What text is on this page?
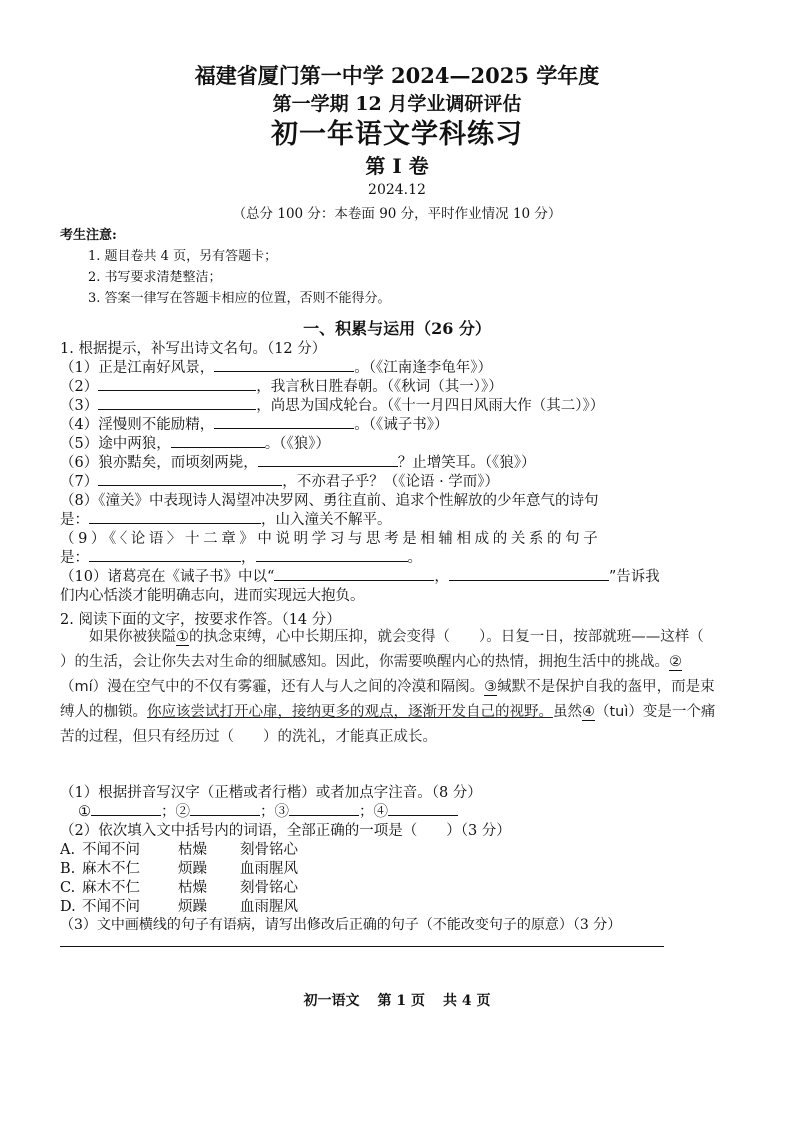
福建省厦门第一中学 2024—2025 学年度
第一学期 12 月学业调研评估
初一年语文学科练习
第 Ⅰ 卷
2024.12
（总分 100 分：本卷面 90 分，平时作业情况 10 分）
考生注意:
1. 题目卷共 4 页，另有答题卡；
2. 书写要求清楚整洁；
3. 答案一律写在答题卡相应的位置，否则不能得分。
一、积累与运用（26 分）
1. 根据提示，补写出诗文名句。（12 分）
（1）正是江南好风景，	。（《江南逢李龟年》）
（2）	，我言秋日胜春朝。（《秋词（其一）》）
（3）	，尚思为国戍轮台。（《十一月四日风雨大作（其二）》）
（4）淫慢则不能励精，	。（《诫子书》）
（5）途中两狼，	。（《狼》）
（6）狼亦黠矣，而顷刻两毙，	？止增笑耳。（《狼》）
（7）	，不亦君子乎？（《论语 · 学而》）
（8）《潼关》中表现诗人渴望冲决罗网、勇往直前、追求个性解放的少年意气的诗句
是：	，山入潼关不解平。
（9）《〈论语〉十二章》中说明学习与思考是相辅相成的关系的句子
是：	，	。
（10）诸葛亮在《诫子书》中以“	，	”告诉我
们内心恬淡才能明确志向，进而实现远大抱负。
2. 阅读下面的文字，按要求作答。（14 分）
如果你被狭隘①的执念束缚，心中长期压抑，就会变得（　　 ）。日复一日，按部就班——这样（　　）的生活，会让你失去对生命的细腻感知。因此，你需要唤醒内心的热情，拥抱生活中的挑战。②（mí）漫在空气中的不仅有雾霾，还有人与人之间的冷漠和隔阂。③缄默不是保护自我的盔甲，而是束缚人的枷锁。你应该尝试打开心扉，接纳更多的观点，逐渐开发自己的视野。虽然④（tuì）变是一个痛苦的过程，但只有经历过（　　 ）的洗礼，才能真正成长。
（1）根据拼音写汉字（正楷或者行楷）或者加点字注音。（8 分）
①	；②	；③	；④
（2）依次填入文中括号内的词语，全部正确的一项是（　　）（3 分）
A. 不闻不问	枯燥 刻骨铭心
B. 麻木不仁	烦躁 血雨腥风
C. 麻木不仁	枯燥 刻骨铭心
D. 不闻不问	烦躁 血雨腥风
（3）文中画横线的句子有语病，请写出修改后正确的句子（不能改变句子的原意）（3 分）
初一语文 第 1 页 共 4 页
